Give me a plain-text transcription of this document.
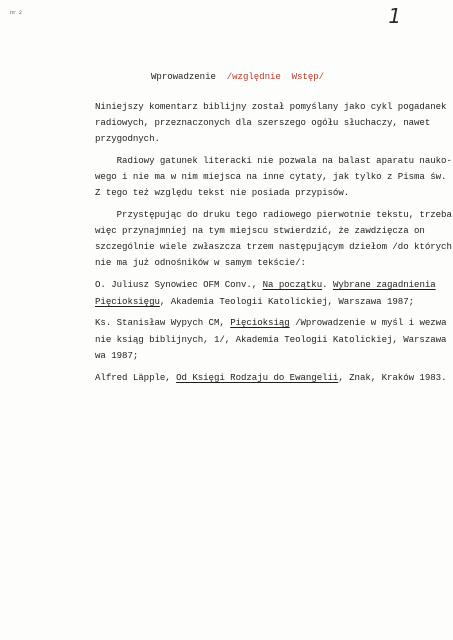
nr 2	1
Wprowadzenie /względnie  Wstęp/
Niniejszy komentarz biblijny został pomyślany jako cykl pogadanek
radiowych, przeznaczonych dla szerszego ogółu słuchaczy, nawet
przygodnych.
Radiowy gatunek literacki nie pozwala na balast aparatu nauko-
wego i nie ma w nim miejsca na inne cytaty, jak tylko z Pisma św.
Z tego też względu tekst nie posiada przypisów.
Przystępując do druku tego radiowego pierwotnie tekstu, trzeba
więc przynajmniej na tym miejscu stwierdzić, że zawdzięcza on
szczególnie wiele zwłaszcza trzem następującym dziełom /do których
nie ma już odnośników w samym tekście/:
O. Juliusz Synowiec OFM Conv., Na początku. Wybrane zagadnienia
Pięcioksięgu, Akademia Teologii Katolickiej, Warszawa 1987;
Ks. Stanisław Wypych CM, Pięcioksiąg /Wprowadzenie w myśl i wezwa
nie ksiąg biblijnych, 1/, Akademia Teologii Katolickiej, Warszawa
wa 1987;
Alfred Läpple, Od Księgi Rodzaju do Ewangelii, Znak, Kraków 1983.
